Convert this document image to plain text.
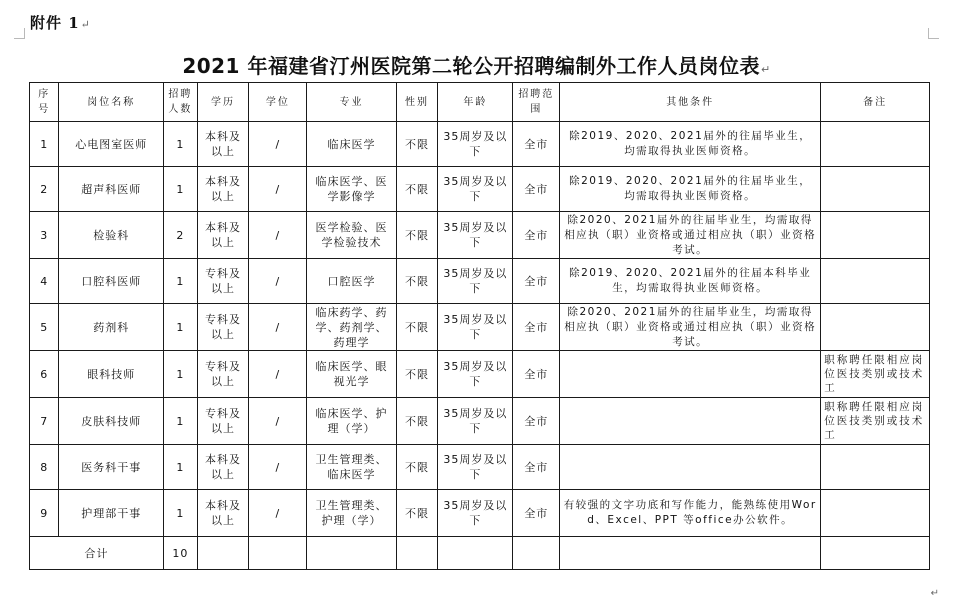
附件 1↵
2021 年福建省汀州医院第二轮公开招聘编制外工作人员岗位表↵
序号	岗位名称	招聘人数	学历	学位	专业	性别	年龄	招聘范围	其他条件	备注
1	心电图室医师	1	本科及以上	/	临床医学	不限	35周岁及以下	全市	除2019、2020、2021届外的往届毕业生，均需取得执业医师资格。	
2	超声科医师	1	本科及以上	/	临床医学、医学影像学	不限	35周岁及以下	全市	除2019、2020、2021届外的往届毕业生，均需取得执业医师资格。	
3	检验科	2	本科及以上	/	医学检验、医学检验技术	不限	35周岁及以下	全市	除2020、2021届外的往届毕业生，均需取得相应执（职）业资格或通过相应执（职）业资格考试。	
4	口腔科医师	1	专科及以上	/	口腔医学	不限	35周岁及以下	全市	除2019、2020、2021届外的往届本科毕业生，均需取得执业医师资格。	
5	药剂科	1	专科及以上	/	临床药学、药学、药剂学、药理学	不限	35周岁及以下	全市	除2020、2021届外的往届毕业生，均需取得相应执（职）业资格或通过相应执（职）业资格考试。	
6	眼科技师	1	专科及以上	/	临床医学、眼视光学	不限	35周岁及以下	全市		职称聘任限相应岗位医技类别或技术工
7	皮肤科技师	1	专科及以上	/	临床医学、护理（学）	不限	35周岁及以下	全市		职称聘任限相应岗位医技类别或技术工
8	医务科干事	1	本科及以上	/	卫生管理类、临床医学	不限	35周岁及以下	全市		
9	护理部干事	1	本科及以上	/	卫生管理类、护理（学）	不限	35周岁及以下	全市	有较强的文字功底和写作能力，能熟练使用Word、Excel、PPT 等office办公软件。	
合计		10								
↵
